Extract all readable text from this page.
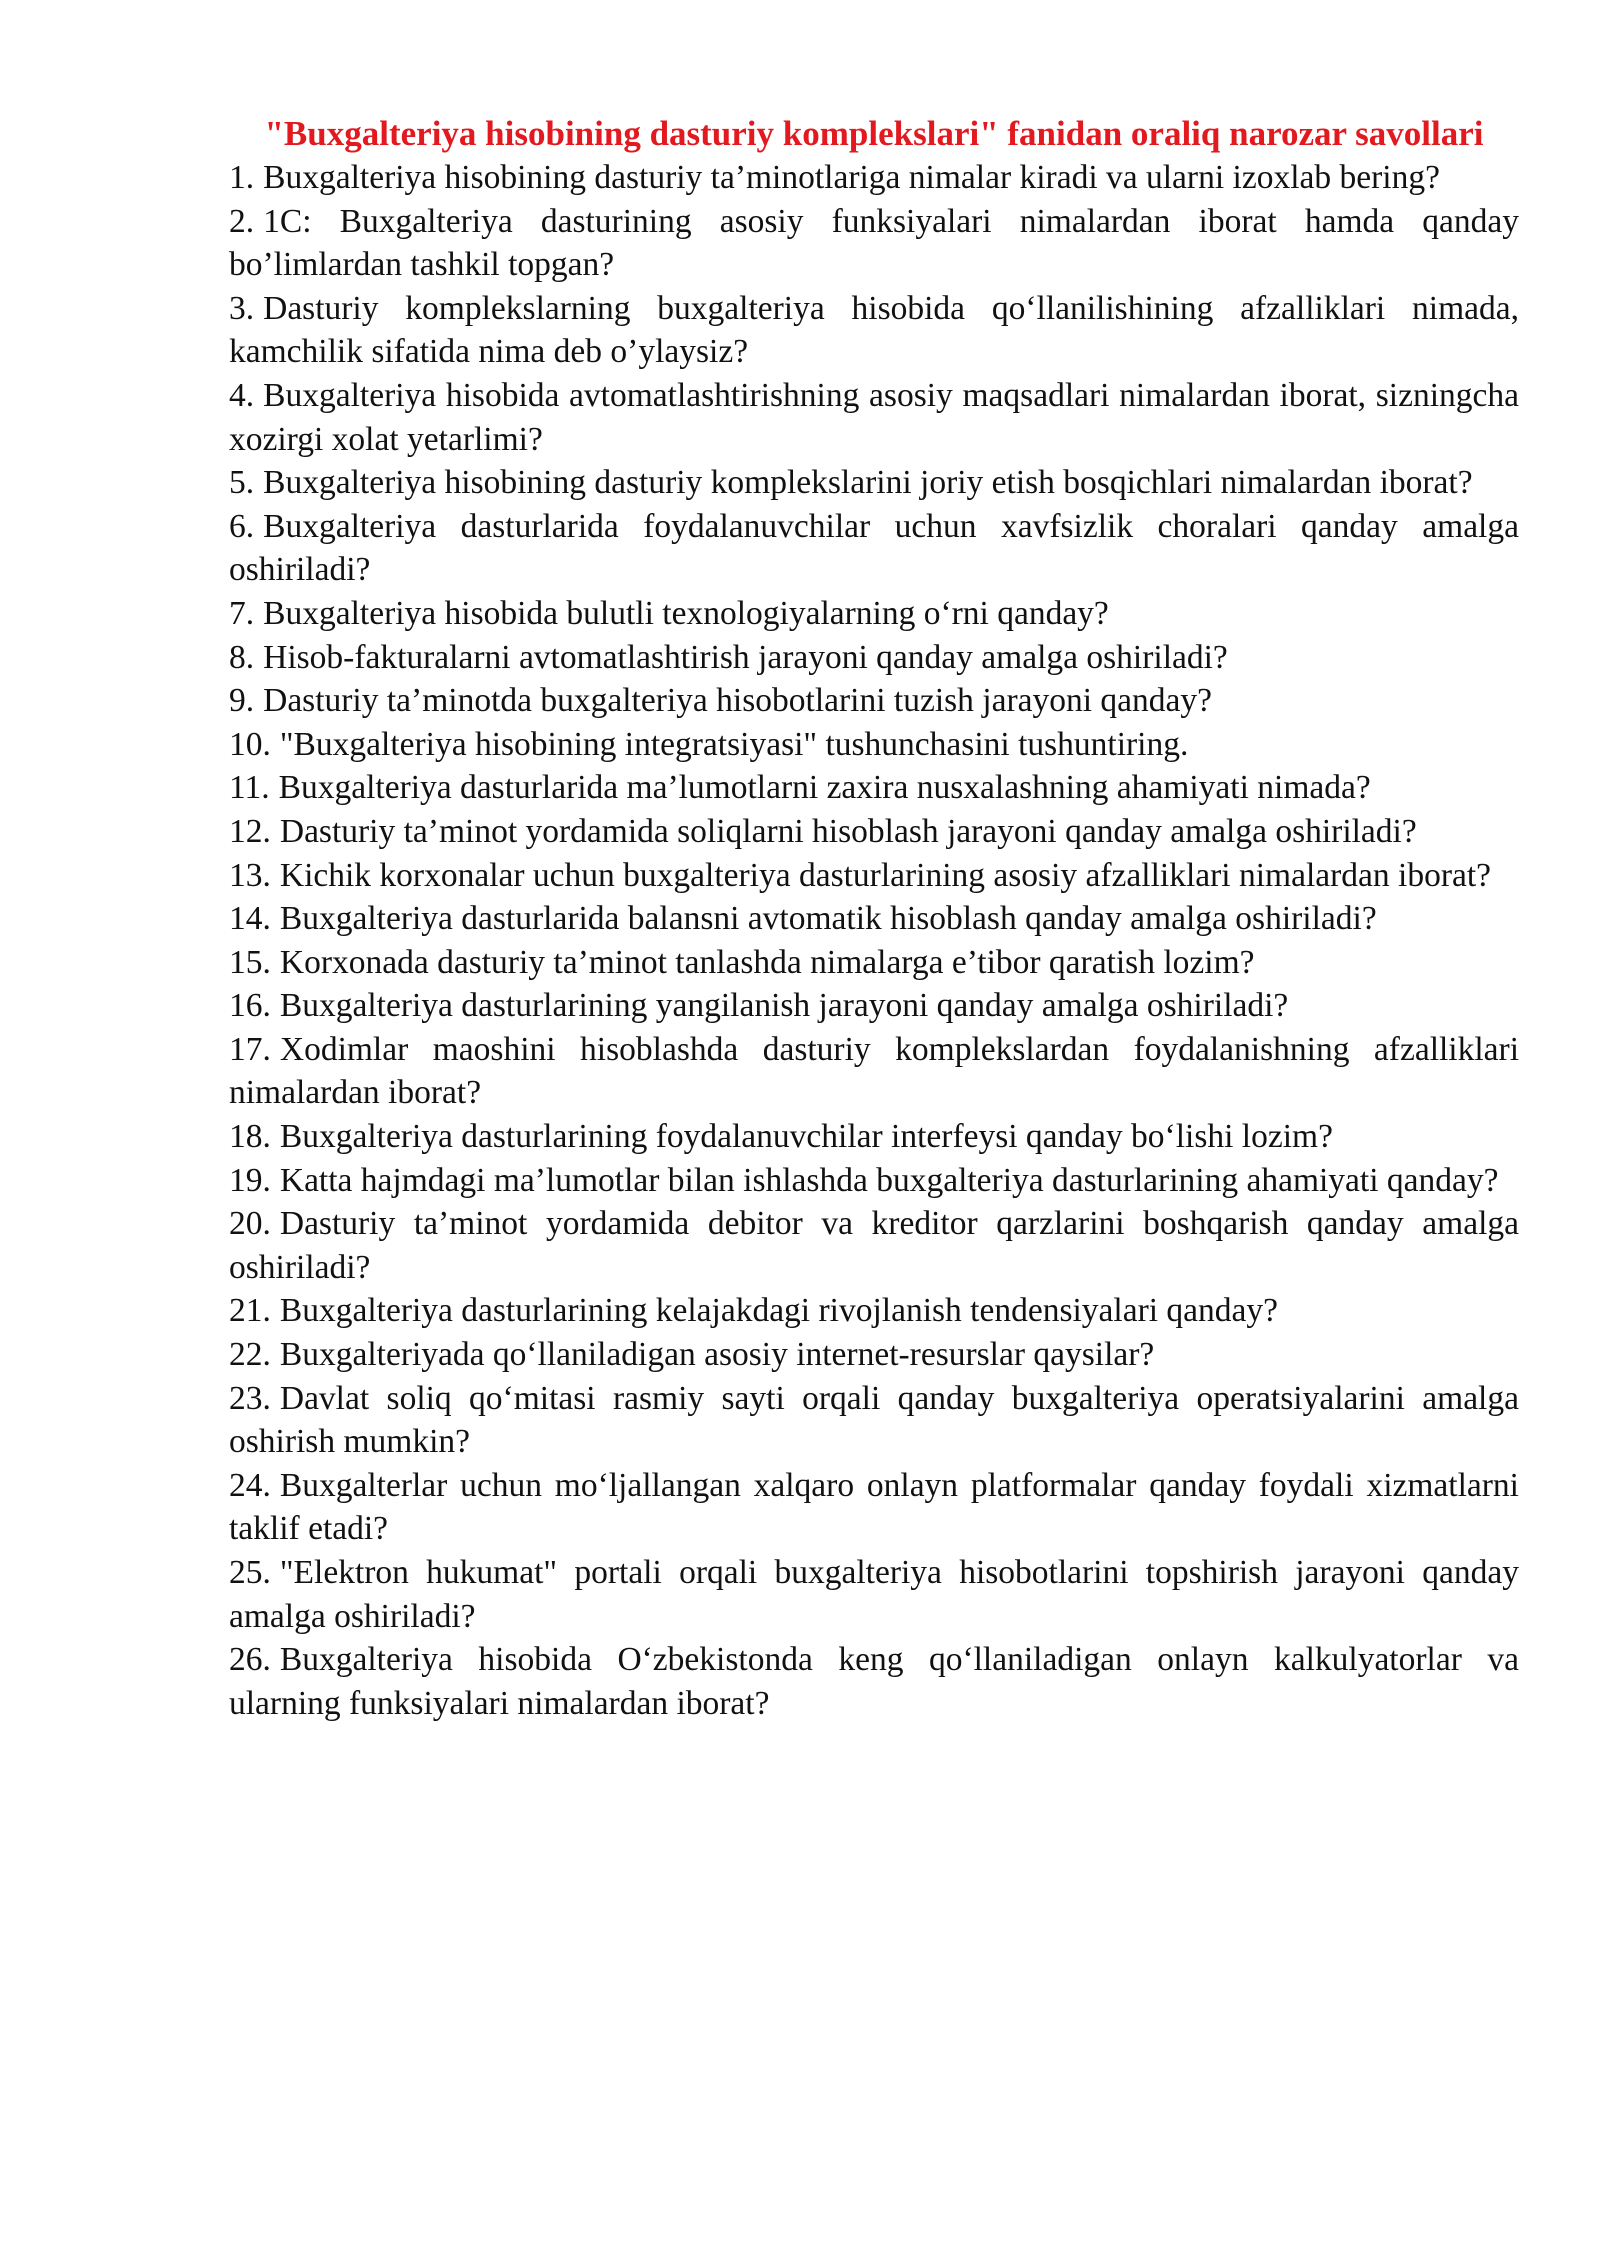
"Buxgalteriya hisobining dasturiy komplekslari" fanidan oraliq narozar savollari
1. Buxgalteriya hisobining dasturiy ta’minotlariga nimalar kiradi va ularni izoxlab bering?
2. 1C: Buxgalteriya dasturining asosiy funksiyalari nimalardan iborat hamda qanday bo’limlardan tashkil topgan?
3. Dasturiy komplekslarning buxgalteriya hisobida qo‘llanilishining afzalliklari nimada, kamchilik sifatida nima deb o’ylaysiz?
4. Buxgalteriya hisobida avtomatlashtirishning asosiy maqsadlari nimalardan iborat, sizningcha xozirgi xolat yetarlimi?
5. Buxgalteriya hisobining dasturiy komplekslarini joriy etish bosqichlari nimalardan iborat?
6. Buxgalteriya dasturlarida foydalanuvchilar uchun xavfsizlik choralari qanday amalga oshiriladi?
7. Buxgalteriya hisobida bulutli texnologiyalarning o‘rni qanday?
8. Hisob-fakturalarni avtomatlashtirish jarayoni qanday amalga oshiriladi?
9. Dasturiy ta’minotda buxgalteriya hisobotlarini tuzish jarayoni qanday?
10. "Buxgalteriya hisobining integratsiyasi" tushunchasini tushuntiring.
11. Buxgalteriya dasturlarida ma’lumotlarni zaxira nusxalashning ahamiyati nimada?
12. Dasturiy ta’minot yordamida soliqlarni hisoblash jarayoni qanday amalga oshiriladi?
13. Kichik korxonalar uchun buxgalteriya dasturlarining asosiy afzalliklari nimalardan iborat?
14. Buxgalteriya dasturlarida balansni avtomatik hisoblash qanday amalga oshiriladi?
15. Korxonada dasturiy ta’minot tanlashda nimalarga e’tibor qaratish lozim?
16. Buxgalteriya dasturlarining yangilanish jarayoni qanday amalga oshiriladi?
17. Xodimlar maoshini hisoblashda dasturiy komplekslardan foydalanishning afzalliklari nimalardan iborat?
18. Buxgalteriya dasturlarining foydalanuvchilar interfeysi qanday bo‘lishi lozim?
19. Katta hajmdagi ma’lumotlar bilan ishlashda buxgalteriya dasturlarining ahamiyati qanday?
20. Dasturiy ta’minot yordamida debitor va kreditor qarzlarini boshqarish qanday amalga oshiriladi?
21. Buxgalteriya dasturlarining kelajakdagi rivojlanish tendensiyalari qanday?
22. Buxgalteriyada qo‘llaniladigan asosiy internet-resurslar qaysilar?
23. Davlat soliq qo‘mitasi rasmiy sayti orqali qanday buxgalteriya operatsiyalarini amalga oshirish mumkin?
24. Buxgalterlar uchun mo‘ljallangan xalqaro onlayn platformalar qanday foydali xizmatlarni taklif etadi?
25. "Elektron hukumat" portali orqali buxgalteriya hisobotlarini topshirish jarayoni qanday amalga oshiriladi?
26. Buxgalteriya hisobida O‘zbekistonda keng qo‘llaniladigan onlayn kalkulyatorlar va ularning funksiyalari nimalardan iborat?
